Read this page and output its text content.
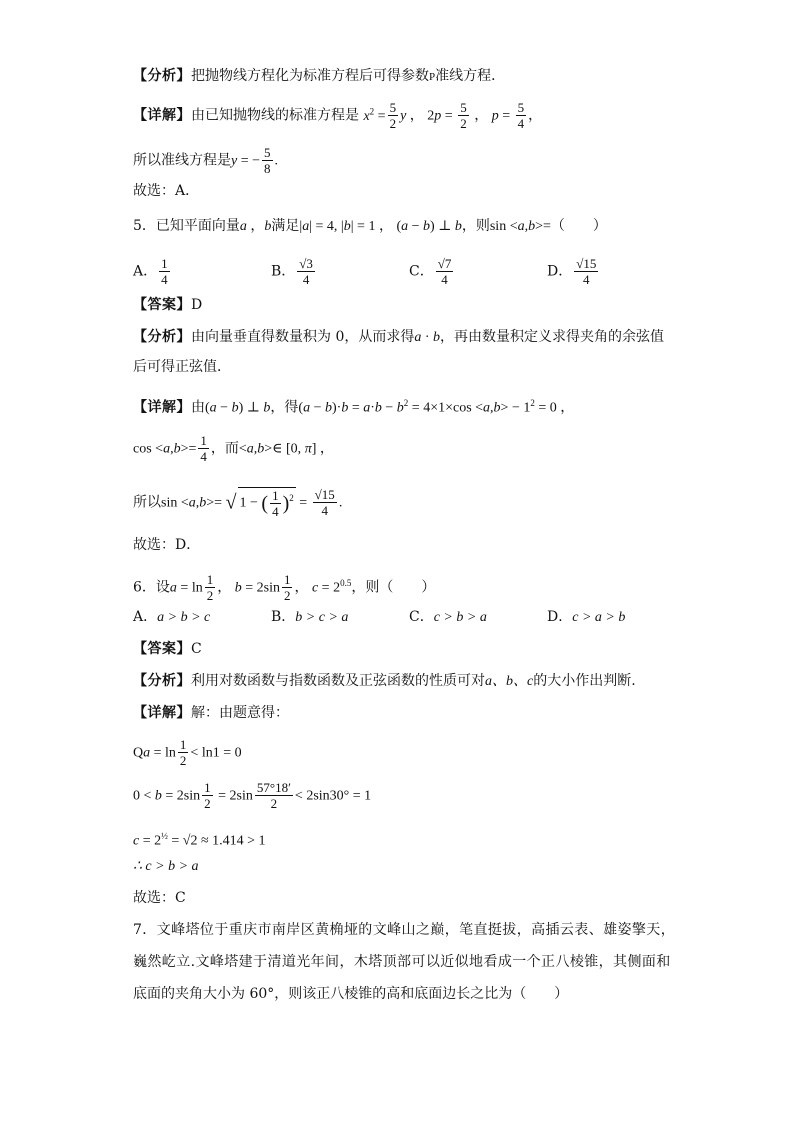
【分析】把抛物线方程化为标准方程后可得参数P准线方程．
【详解】由已知抛物线的标准方程是 $x^2 = \frac{5}{2}$ y ， $2p = \frac{5}{2}$ ， $p = \frac{5}{4}$ ，
所以准线方程是y = − $\frac{5}{8}$ .
故选：A．
5．已知平面向量a ，b满足|a| = 4, |b| = 1 ， (a − b) ⊥ b，则sin <a,b>=（　　）
A． $\frac{1}{4}$	B． $\frac{√3}{4}$	C． $\frac{√7}{4}$	D． $\frac{√15}{4}$
【答案】D
【分析】由向量垂直得数量积为 0，从而求得a · b，再由数量积定义求得夹角的余弦值
后可得正弦值．
【详解】由(a − b) ⊥ b，得$(a - b)\cdot b = a\cdot b - b^2 = 4\times 1\times\cos <a,b> - 1^2 = 0$ ，
$\cos <a,b>= \frac{1}{4}$ ，而<a,b>∈ [0, π] ，
所以sin <a,b>= √ 1 − ( $\frac{1}{4} )^2 = \frac{√15}{4}$ .
故选：D．
6．设$a = \ln \frac{1}{2}$ ， $b = 2\sin \frac{1}{2}$ ， $c = 2^{0.5}$，则（　　）
A．a > b > c	B．b > c > a	C．c > b > a	D．c > a > b
【答案】C
【分析】利用对数函数与指数函数及正弦函数的性质可对a、b、c的大小作出判断.
【详解】解：由题意得：
$Qa = \ln \frac{1}{2} < \ln 1 = 0$
$0 < b = 2\sin \frac{1}{2} = 2\sin \frac{57^\circ 18'}{2} < 2\sin 30^\circ = 1$
$c = 2^{\frac{1}{2}} = √2 \approx 1.414 > 1$
∴ c > b > a
故选：C
7．文峰塔位于重庆市南岸区黄桷垭的文峰山之巅，笔直挺拔，高插云表、雄姿擎天，
巍然屹立.文峰塔建于清道光年间，木塔顶部可以近似地看成一个正八棱锥，其侧面和
底面的夹角大小为 60°，则该正八棱锥的高和底面边长之比为（　　）
